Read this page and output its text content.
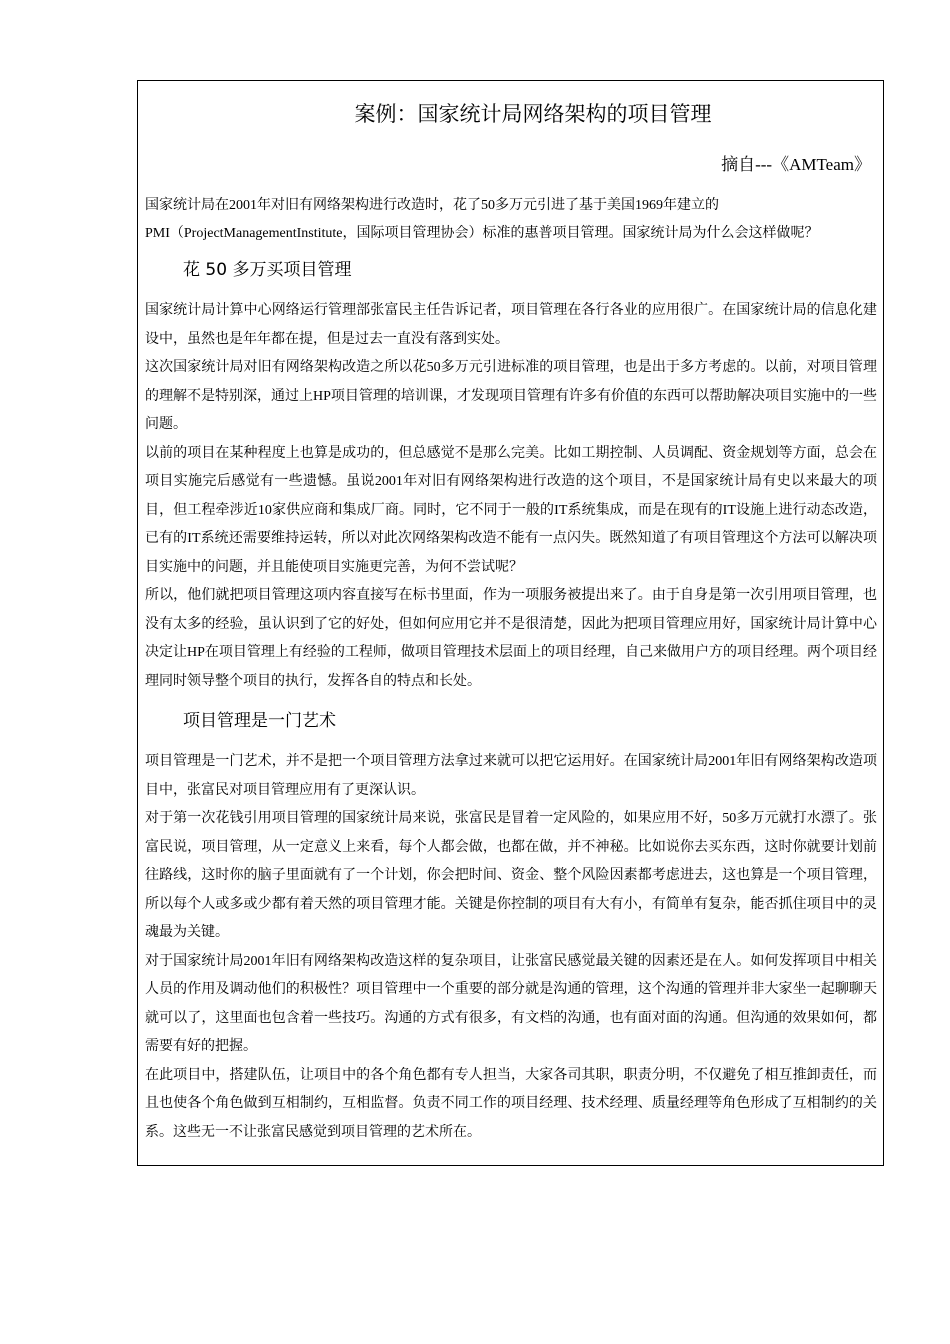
案例：国家统计局网络架构的项目管理
摘自---《AMTeam》

国家统计局在2001年对旧有网络架构进行改造时，花了50多万元引进了基于美国1969年建立的

PMI（ProjectManagementInstitute，国际项目管理协会）标准的惠普项目管理。国家统计局为什么会这样做呢？

花 50 多万买项目管理

国家统计局计算中心网络运行管理部张富民主任告诉记者，项目管理在各行各业的应用很广。在国家统计局的信息化建设中，虽然也是年年都在提，但是过去一直没有落到实处。

这次国家统计局对旧有网络架构改造之所以花50多万元引进标准的项目管理，也是出于多方考虑的。以前，对项目管理的理解不是特别深，通过上HP项目管理的培训课，才发现项目管理有许多有价值的东西可以帮助解决项目实施中的一些问题。

以前的项目在某种程度上也算是成功的，但总感觉不是那么完美。比如工期控制、人员调配、资金规划等方面，总会在项目实施完后感觉有一些遗憾。虽说2001年对旧有网络架构进行改造的这个项目，不是国家统计局有史以来最大的项目，但工程牵涉近10家供应商和集成厂商。同时，它不同于一般的IT系统集成，而是在现有的IT设施上进行动态改造，已有的IT系统还需要维持运转，所以对此次网络架构改造不能有一点闪失。既然知道了有项目管理这个方法可以解决项目实施中的问题，并且能使项目实施更完善，为何不尝试呢？

所以，他们就把项目管理这项内容直接写在标书里面，作为一项服务被提出来了。由于自身是第一次引用项目管理，也没有太多的经验，虽认识到了它的好处，但如何应用它并不是很清楚，因此为把项目管理应用好，国家统计局计算中心决定让HP在项目管理上有经验的工程师，做项目管理技术层面上的项目经理，自己来做用户方的项目经理。两个项目经理同时领导整个项目的执行，发挥各自的特点和长处。

项目管理是一门艺术

项目管理是一门艺术，并不是把一个项目管理方法拿过来就可以把它运用好。在国家统计局2001年旧有网络架构改造项目中，张富民对项目管理应用有了更深认识。

对于第一次花钱引用项目管理的国家统计局来说，张富民是冒着一定风险的，如果应用不好，50多万元就打水漂了。张富民说，项目管理，从一定意义上来看，每个人都会做，也都在做，并不神秘。比如说你去买东西，这时你就要计划前往路线，这时你的脑子里面就有了一个计划，你会把时间、资金、整个风险因素都考虑进去，这也算是一个项目管理，所以每个人或多或少都有着天然的项目管理才能。关键是你控制的项目有大有小，有简单有复杂，能否抓住项目中的灵魂最为关键。

对于国家统计局2001年旧有网络架构改造这样的复杂项目，让张富民感觉最关键的因素还是在人。如何发挥项目中相关人员的作用及调动他们的积极性？项目管理中一个重要的部分就是沟通的管理，这个沟通的管理并非大家坐一起聊聊天就可以了，这里面也包含着一些技巧。沟通的方式有很多，有文档的沟通，也有面对面的沟通。但沟通的效果如何，都需要有好的把握。

在此项目中，搭建队伍，让项目中的各个角色都有专人担当，大家各司其职，职责分明，不仅避免了相互推卸责任，而且也使各个角色做到互相制约，互相监督。负责不同工作的项目经理、技术经理、质量经理等角色形成了互相制约的关系。这些无一不让张富民感觉到项目管理的艺术所在。
